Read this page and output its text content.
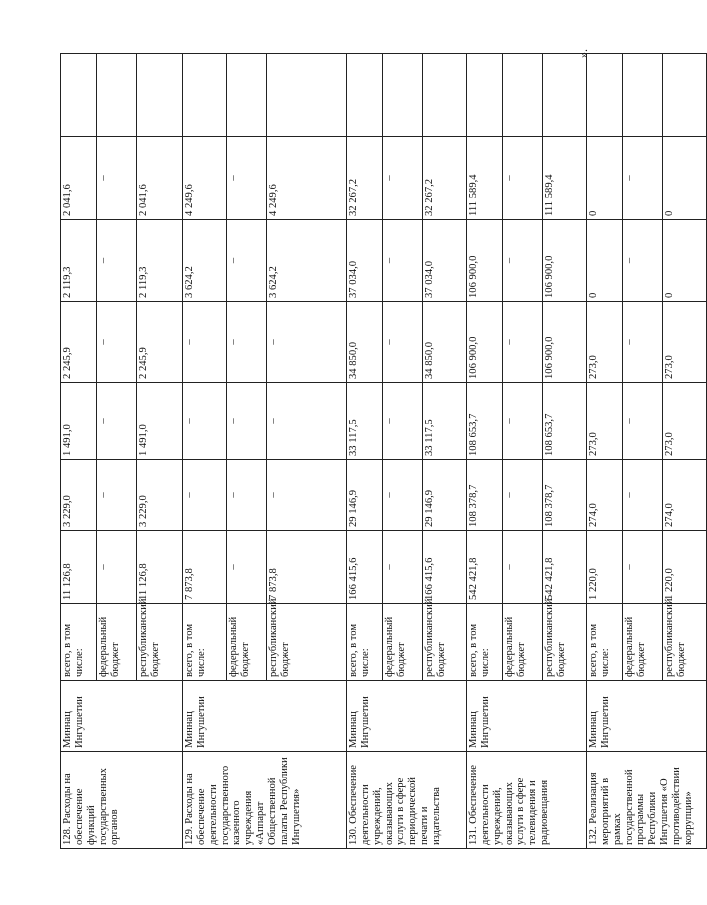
128. Расходы на обеспечение функций государственных органов	Миннац Ингушетии	всего, в том числе:	11 126,8	3 229,0	1 491,0	2 245,9	2 119,3	2 041,6	
		федеральный бюджет	–	–	–	–	–	–	
		республиканский бюджет	11 126,8	3 229,0	1 491,0	2 245,9	2 119,3	2 041,6	
129. Расходы на обеспечение деятельности государственного казенного учреждения «Аппарат Общественной палаты Республики Ингушетия»	Миннац Ингушетии	всего, в том числе:	7 873,8	–	–	–	3 624,2	4 249,6	
		федеральный бюджет	–	–	–	–	–	–	
		республиканский бюджет	7 873,8	–	–	–	3 624,2	4 249,6	
130. Обеспечение деятельности учреждений, оказывающих услуги в сфере периодической печати и издательства	Миннац Ингушетии	всего, в том числе:	166 415,6	29 146,9	33 117,5	34 850,0	37 034,0	32 267,2	
		федеральный бюджет	–	–	–	–	–	–	
		республиканский бюджет	166 415,6	29 146,9	33 117,5	34 850,0	37 034,0	32 267,2	
131. Обеспечение деятельности учреждений, оказывающих услуги в сфере телевидения и радиовещания	Миннац Ингушетии	всего, в том числе:	542 421,8	108 378,7	108 653,7	106 900,0	106 900,0	111 589,4	
		федеральный бюджет	–	–	–	–	–	–	
		республиканский бюджет	542 421,8	108 378,7	108 653,7	106 900,0	106 900,0	111 589,4	
132. Реализация мероприятий в рамках государственной программы Республики Ингушетия «О противодействии коррупции»	Миннац Ингушетии	всего, в том числе:	1 220,0	274,0	273,0	273,0	0	0	
		федеральный бюджет	–	–	–	–	–	–	
		республиканский бюджет	1 220,0	274,0	273,0	273,0	0	0	
».
